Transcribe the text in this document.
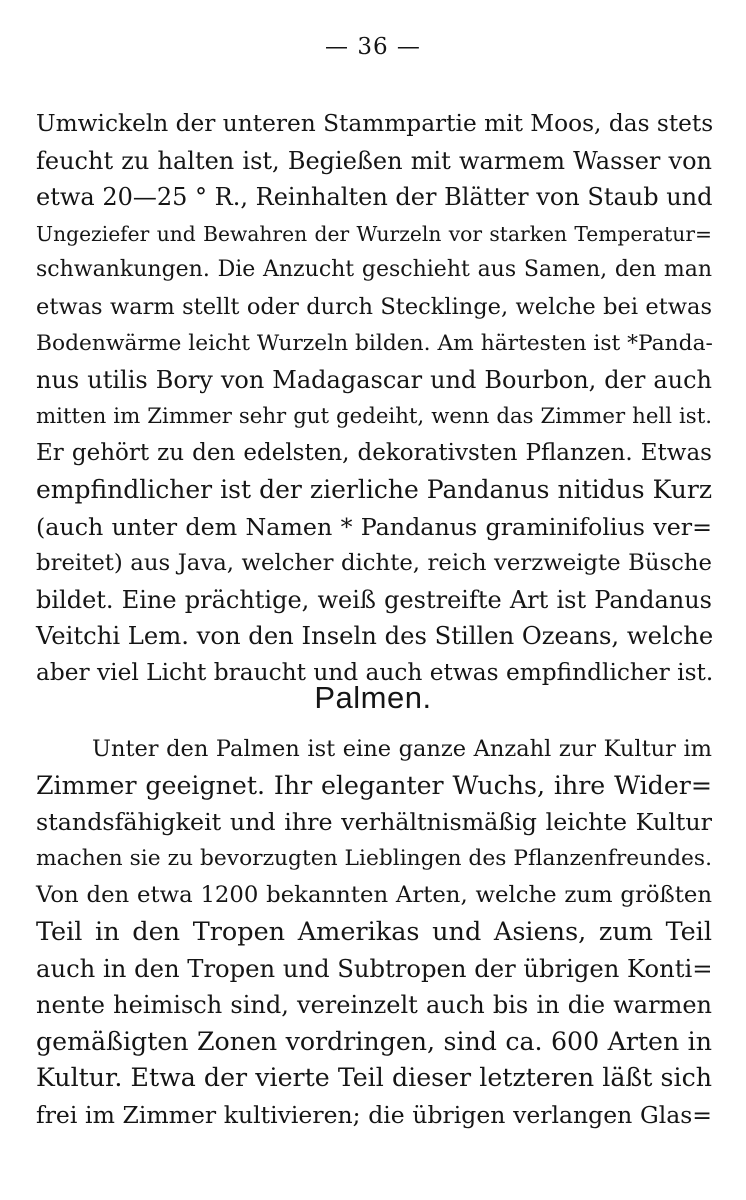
— 36 —
Umwickeln der unteren Stammpartie mit Moos, das stets
feucht zu halten ist, Begießen mit warmem Wasser von
etwa 20—25 ° R., Reinhalten der Blätter von Staub und
Ungeziefer und Bewahren der Wurzeln vor starken Temperatur=
schwankungen. Die Anzucht geschieht aus Samen, den man
etwas warm stellt oder durch Stecklinge, welche bei etwas
Bodenwärme leicht Wurzeln bilden. Am härtesten ist *Panda-
nus utilis Bory von Madagascar und Bourbon, der auch
mitten im Zimmer sehr gut gedeiht, wenn das Zimmer hell ist.
Er gehört zu den edelsten, dekorativsten Pflanzen. Etwas
empfindlicher ist der zierliche Pandanus nitidus Kurz
(auch unter dem Namen * Pandanus graminifolius ver=
breitet) aus Java, welcher dichte, reich verzweigte Büsche
bildet. Eine prächtige, weiß gestreifte Art ist Pandanus
Veitchi Lem. von den Inseln des Stillen Ozeans, welche
aber viel Licht braucht und auch etwas empfindlicher ist.
Palmen.
Unter den Palmen ist eine ganze Anzahl zur Kultur im
Zimmer geeignet. Ihr eleganter Wuchs, ihre Wider=
standsfähigkeit und ihre verhältnismäßig leichte Kultur
machen sie zu bevorzugten Lieblingen des Pflanzenfreundes.
Von den etwa 1200 bekannten Arten, welche zum größten
Teil in den Tropen Amerikas und Asiens, zum Teil
auch in den Tropen und Subtropen der übrigen Konti=
nente heimisch sind, vereinzelt auch bis in die warmen
gemäßigten Zonen vordringen, sind ca. 600 Arten in
Kultur. Etwa der vierte Teil dieser letzteren läßt sich
frei im Zimmer kultivieren; die übrigen verlangen Glas=
